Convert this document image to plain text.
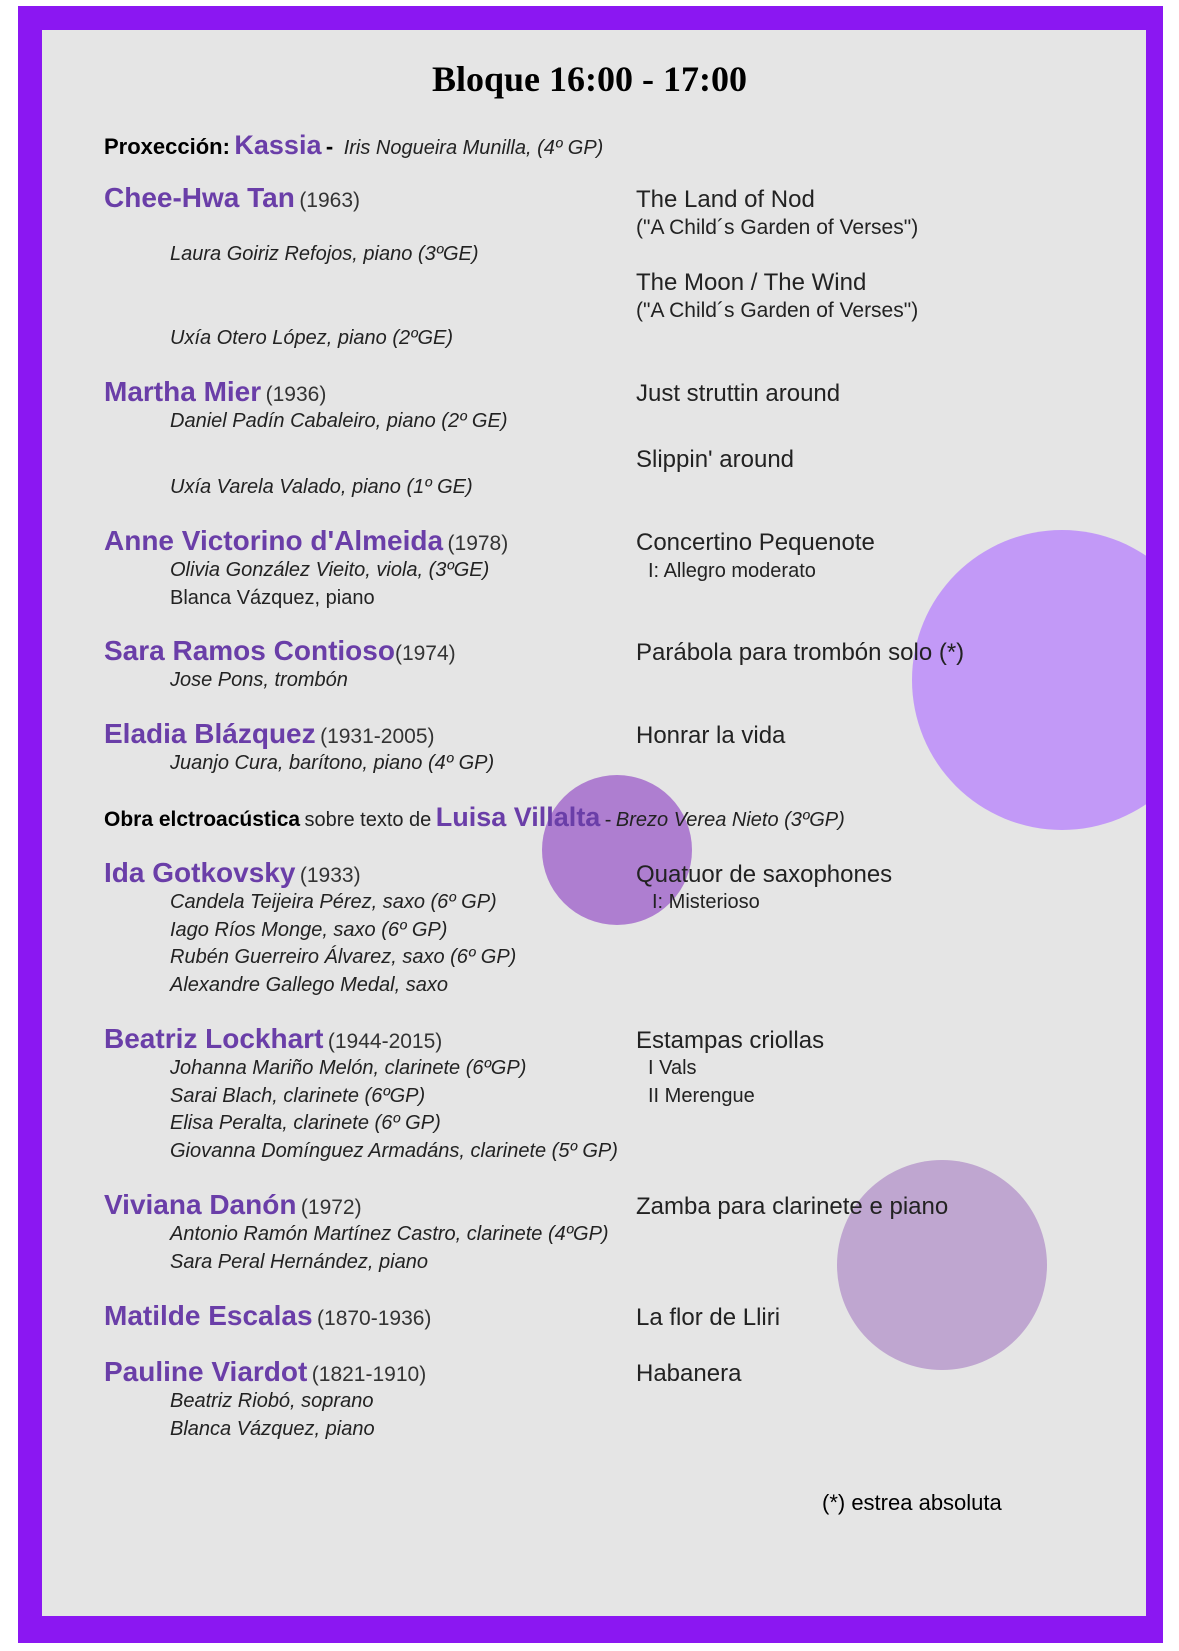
Bloque 16:00 - 17:00
Proxección: Kassia - Iris Nogueira Munilla, (4º GP)
Chee-Hwa Tan (1963)
Laura Goiriz Refojos, piano (3ºGE)
Uxía Otero López, piano (2ºGE)
The Land of Nod
("A Child´s Garden of Verses")
The Moon / The Wind
("A Child´s Garden of Verses")
Martha Mier (1936)
Daniel Padín Cabaleiro, piano (2º GE)
Uxía Varela Valado, piano (1º GE)
Just struttin around
Slippin' around
Anne Victorino d'Almeida (1978)
Olivia González Vieito, viola, (3ºGE)
Blanca Vázquez, piano
Concertino Pequenote
I: Allegro moderato
Sara Ramos Contioso(1974)
Jose Pons, trombón
Parábola para trombón solo (*)
Eladia Blázquez (1931-2005)
Juanjo Cura, barítono, piano (4º GP)
Honrar la vida
Obra elctroacústica sobre texto de Luisa Villalta - Brezo Verea Nieto (3ºGP)
Ida Gotkovsky (1933)
Candela Teijeira Pérez, saxo (6º GP)
Iago Ríos Monge, saxo (6º GP)
Rubén Guerreiro Álvarez, saxo (6º GP)
Alexandre Gallego Medal, saxo
Quatuor de saxophones
I: Misterioso
Beatriz Lockhart (1944-2015)
Johanna Mariño Melón, clarinete (6ºGP)
Sarai Blach, clarinete (6ºGP)
Elisa Peralta, clarinete (6º GP)
Giovanna Domínguez Armadáns, clarinete (5º GP)
Estampas criollas
I Vals
II Merengue
Viviana Danón (1972)
Antonio Ramón Martínez Castro, clarinete (4ºGP)
Sara Peral Hernández, piano
Zamba para clarinete e piano
Matilde Escalas (1870-1936)	La flor de Lliri
Pauline Viardot (1821-1910)
Beatriz Riobó, soprano
Blanca Vázquez, piano
Habanera
(*) estrea absoluta
